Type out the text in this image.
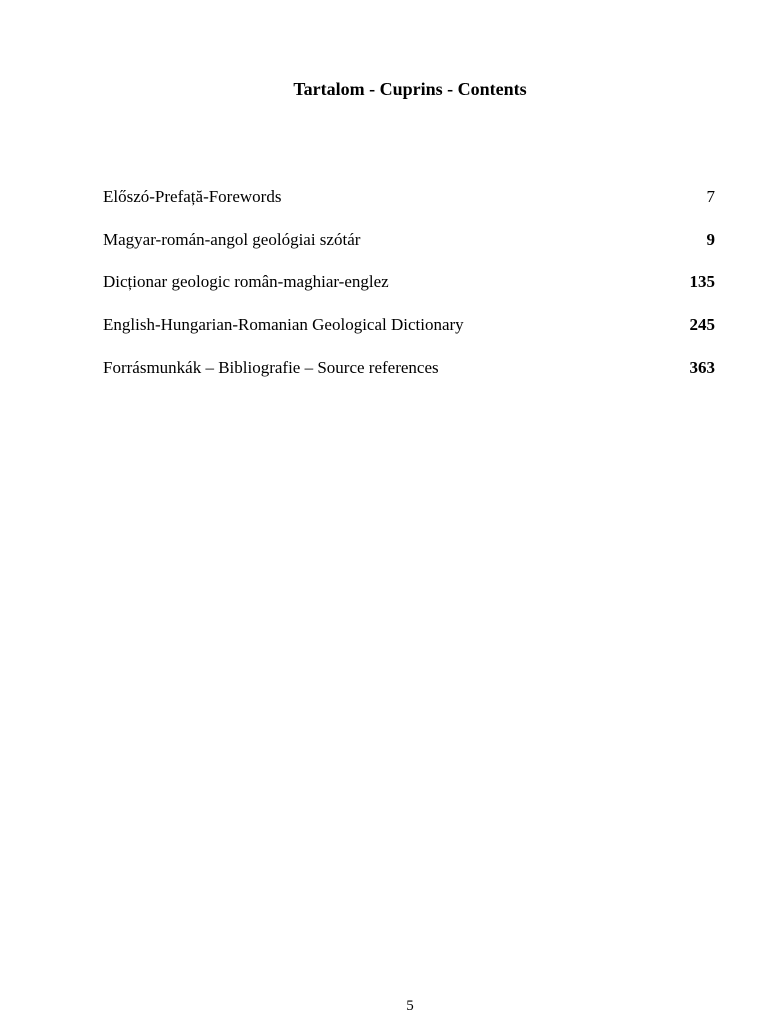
Tartalom - Cuprins - Contents
Előszó-Prefață-Forewords	7
Magyar-román-angol geológiai szótár	9
Dicționar geologic român-maghiar-englez	135
English-Hungarian-Romanian Geological Dictionary	245
Forrásmunkák – Bibliografie – Source references	363
5
